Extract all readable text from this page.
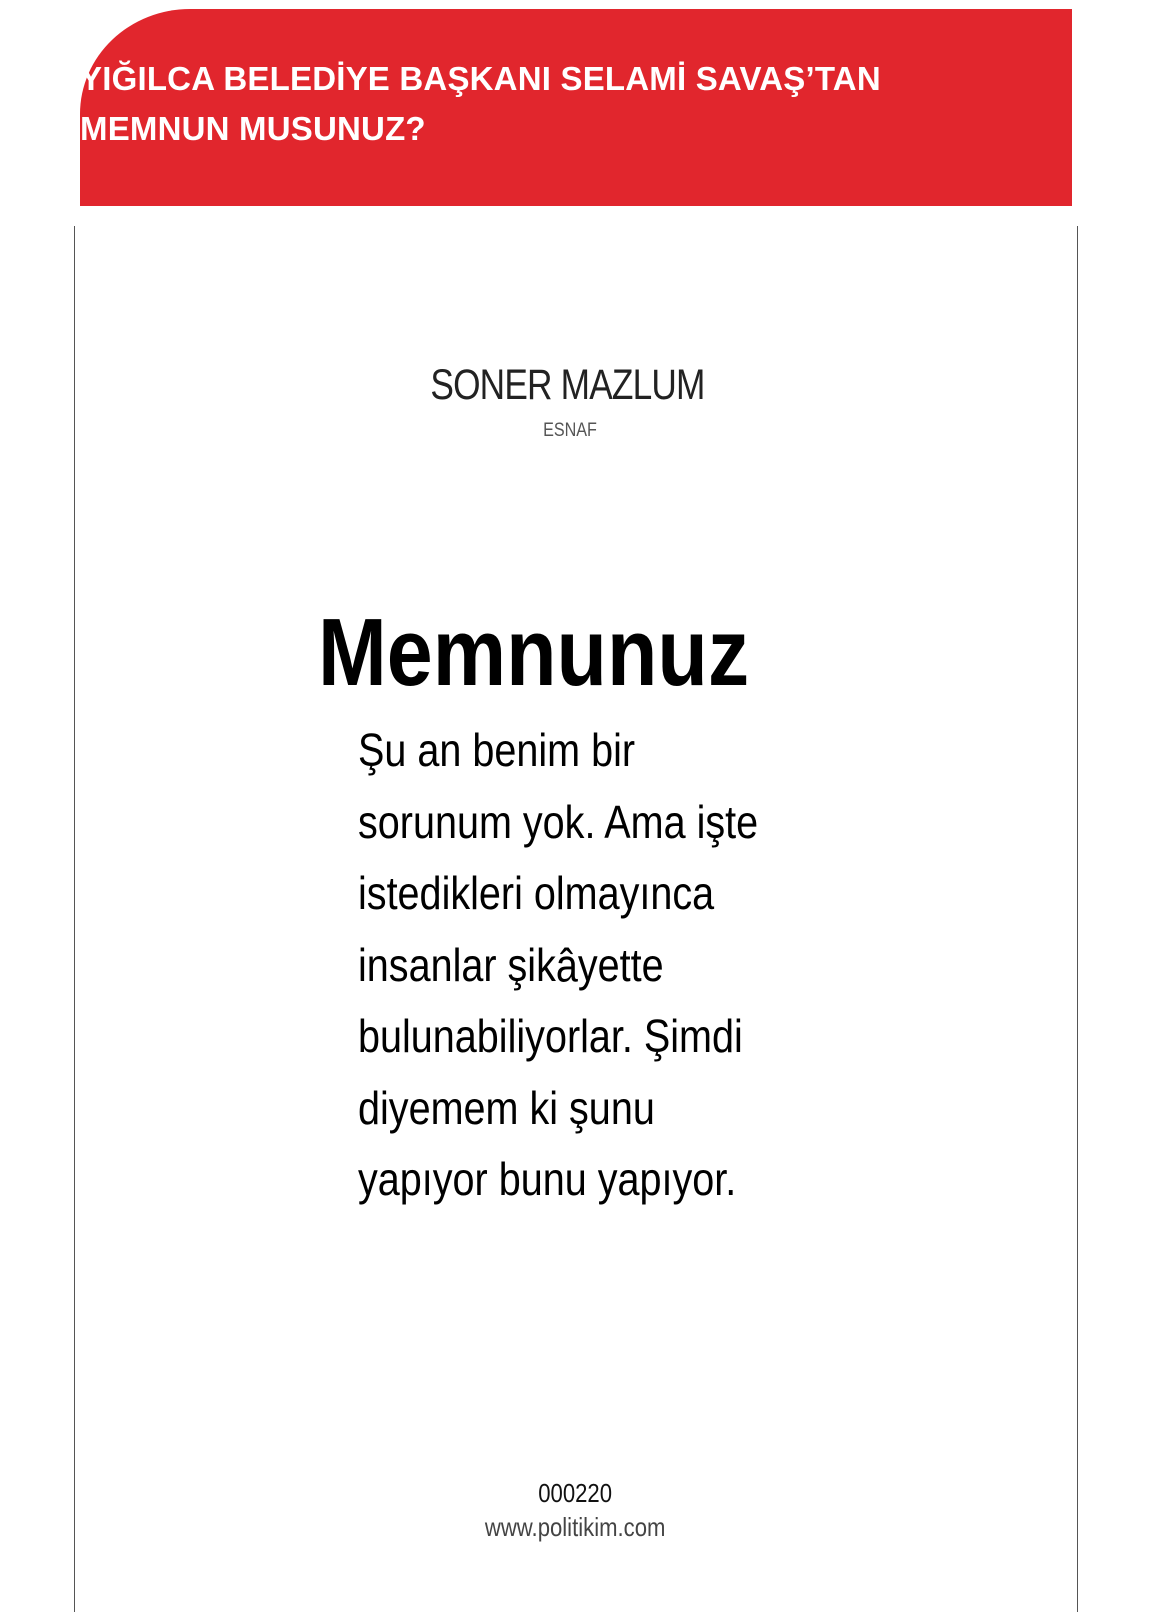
YIĞILCA BELEDİYE BAŞKANI SELAMİ SAVAŞ’TAN
MEMNUN MUSUNUZ?
SONER MAZLUM
ESNAF
Memnunuz
Şu an benim bir
sorunum yok. Ama işte
istedikleri olmayınca
insanlar şikâyette
bulunabiliyorlar. Şimdi
diyemem ki şunu
yapıyor bunu yapıyor.
000220
www.politikim.com
